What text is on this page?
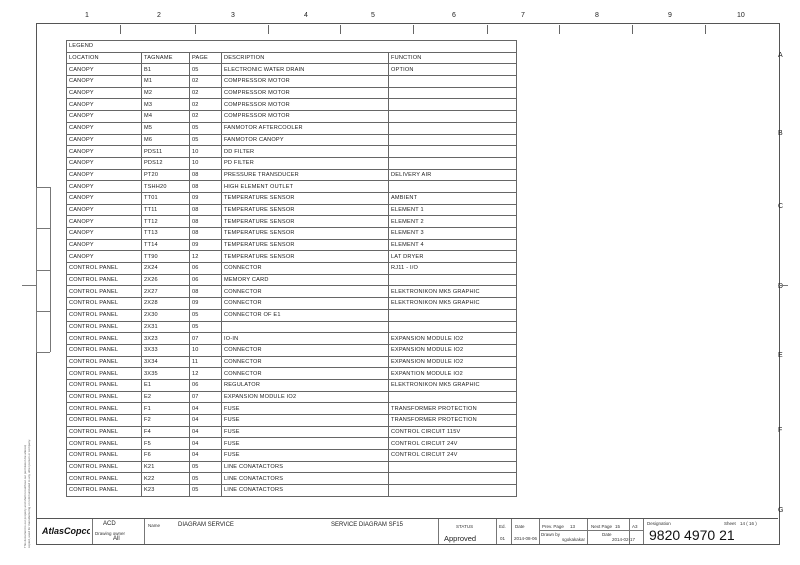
1	2	3	4	5	6	7	8	9	10
A
B
C
D
E
F
G
This document is our property and shall not without our permission be altered, copied, used for manufacturing or communicated to any other person or company.
LEGEND				
LOCATION	TAGNAME	PAGE	DESCRIPTION	FUNCTION
CANOPY	B1	05	ELECTRONIC WATER DRAIN	OPTION
CANOPY	M1	02	COMPRESSOR MOTOR	
CANOPY	M2	02	COMPRESSOR MOTOR	
CANOPY	M3	02	COMPRESSOR MOTOR	
CANOPY	M4	02	COMPRESSOR MOTOR	
CANOPY	M5	05	FANMOTOR AFTERCOOLER	
CANOPY	M6	05	FANMOTOR CANOPY	
CANOPY	PDS11	10	DD FILTER	
CANOPY	PDS12	10	PD FILTER	
CANOPY	PT20	08	PRESSURE TRANSDUCER	DELIVERY AIR
CANOPY	TSHH20	08	HIGH ELEMENT OUTLET	
CANOPY	TT01	09	TEMPERATURE SENSOR	AMBIENT
CANOPY	TT11	08	TEMPERATURE SENSOR	ELEMENT 1
CANOPY	TT12	08	TEMPERATURE SENSOR	ELEMENT 2
CANOPY	TT13	08	TEMPERATURE SENSOR	ELEMENT 3
CANOPY	TT14	09	TEMPERATURE SENSOR	ELEMENT 4
CANOPY	TT90	12	TEMPERATURE SENSOR	LAT DRYER
CONTROL PANEL	2X24	06	CONNECTOR	RJ11 - I/O
CONTROL PANEL	2X26	06	MEMORY CARD	
CONTROL PANEL	2X27	08	CONNECTOR	ELEKTRONIKON MK5 GRAPHIC
CONTROL PANEL	2X28	09	CONNECTOR	ELEKTRONIKON MK5 GRAPHIC
CONTROL PANEL	2X30	05	CONNECTOR OF E1	
CONTROL PANEL	2X31	05		
CONTROL PANEL	3X23	07	IO-IN	EXPANSION MODULE IO2
CONTROL PANEL	3X33	10	CONNECTOR	EXPANSION MODULE IO2
CONTROL PANEL	3X34	11	CONNECTOR	EXPANSION MODULE IO2
CONTROL PANEL	3X35	12	CONNECTOR	EXPANTION MODULE IO2
CONTROL PANEL	E1	06	REGULATOR	ELEKTRONIKON MK5 GRAPHIC
CONTROL PANEL	E2	07	EXPANSION MODULE IO2	
CONTROL PANEL	F1	04	FUSE	TRANSFORMER PROTECTION
CONTROL PANEL	F2	04	FUSE	TRANSFORMER PROTECTION
CONTROL PANEL	F4	04	FUSE	CONTROL CIRCUIT 115V
CONTROL PANEL	F5	04	FUSE	CONTROL CIRCUIT 24V
CONTROL PANEL	F6	04	FUSE	CONTROL CIRCUIT 24V
CONTROL PANEL	K21	05	LINE CONATACTORS	
CONTROL PANEL	K22	05	LINE CONATACTORS	
CONTROL PANEL	K23	05	LINE CONATACTORS	
AtlasCopco
ACD
Drawing owner
All
Name	DIAGRAM SERVICE	SERVICE DIAGRAM SF15	STATUS
Approved
Ed.
01
Date
2014-08-06
Prev. Page 13	Next Page 15	A3
Drawn by
sgokakakar
Date
2014-02-17
Designation	Sheet 14 ( 16 )
9820 4970 21
